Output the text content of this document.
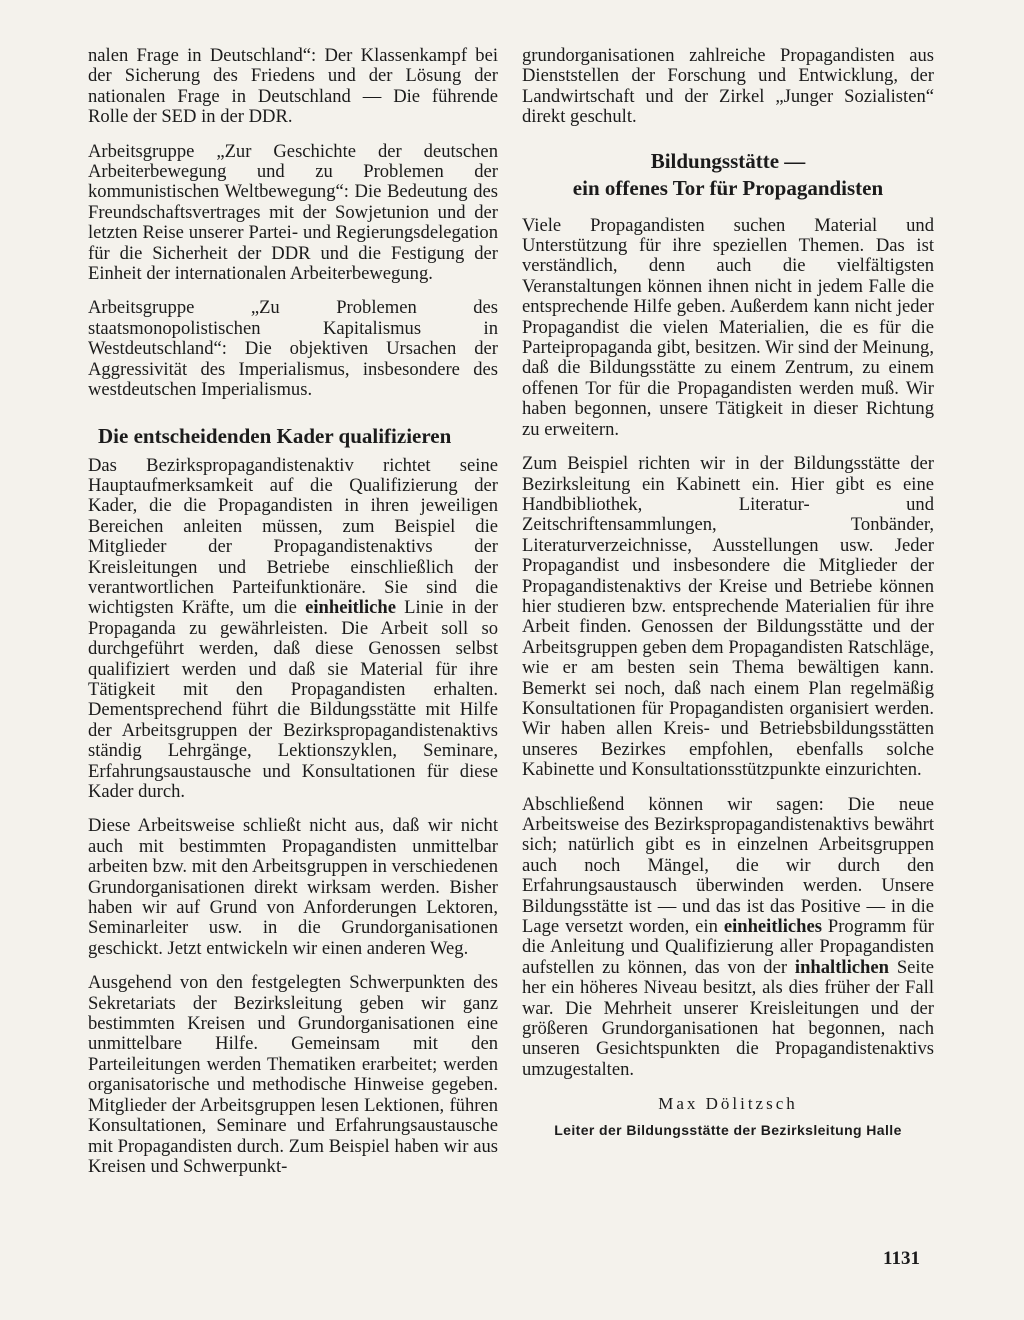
nalen Frage in Deutschland“: Der Klassenkampf bei der Sicherung des Friedens und der Lösung der nationalen Frage in Deutschland — Die führende Rolle der SED in der DDR.

Arbeitsgruppe „Zur Geschichte der deutschen Arbeiterbewegung und zu Problemen der kommunistischen Weltbewegung“: Die Bedeutung des Freundschaftsvertrages mit der Sowjetunion und der letzten Reise unserer Partei- und Regierungsdelegation für die Sicherheit der DDR und die Festigung der Einheit der internationalen Arbeiterbewegung.

Arbeitsgruppe „Zu Problemen des staatsmonopolistischen Kapitalismus in Westdeutschland“: Die objektiven Ursachen der Aggressivität des Imperialismus, insbesondere des westdeutschen Imperialismus.

Die entscheidenden Kader qualifizieren

Das Bezirkspropagandistenaktiv richtet seine Hauptaufmerksamkeit auf die Qualifizierung der Kader, die die Propagandisten in ihren jeweiligen Bereichen anleiten müssen, zum Beispiel die Mitglieder der Propagandistenaktivs der Kreisleitungen und Betriebe einschließlich der verantwortlichen Parteifunktionäre. Sie sind die wichtigsten Kräfte, um die einheitliche Linie in der Propaganda zu gewährleisten. Die Arbeit soll so durchgeführt werden, daß diese Genossen selbst qualifiziert werden und daß sie Material für ihre Tätigkeit mit den Propagandisten erhalten. Dementsprechend führt die Bildungsstätte mit Hilfe der Arbeitsgruppen der Bezirkspropagandistenaktivs ständig Lehrgänge, Lektionszyklen, Seminare, Erfahrungsaustausche und Konsultationen für diese Kader durch.

Diese Arbeitsweise schließt nicht aus, daß wir nicht auch mit bestimmten Propagandisten unmittelbar arbeiten bzw. mit den Arbeitsgruppen in verschiedenen Grundorganisationen direkt wirksam werden. Bisher haben wir auf Grund von Anforderungen Lektoren, Seminarleiter usw. in die Grundorganisationen geschickt. Jetzt entwickeln wir einen anderen Weg.

Ausgehend von den festgelegten Schwerpunkten des Sekretariats der Bezirksleitung geben wir ganz bestimmten Kreisen und Grundorganisationen eine unmittelbare Hilfe. Gemeinsam mit den Parteileitungen werden Thematiken erarbeitet; werden organisatorische und methodische Hinweise gegeben. Mitglieder der Arbeitsgruppen lesen Lektionen, führen Konsultationen, Seminare und Erfahrungsaustausche mit Propagandisten durch. Zum Beispiel haben wir aus Kreisen und Schwerpunkt-

grundorganisationen zahlreiche Propagandisten aus Dienststellen der Forschung und Entwicklung, der Landwirtschaft und der Zirkel „Junger Sozialisten“ direkt geschult.

Bildungsstätte —
ein offenes Tor für Propagandisten

Viele Propagandisten suchen Material und Unterstützung für ihre speziellen Themen. Das ist verständlich, denn auch die vielfältigsten Veranstaltungen können ihnen nicht in jedem Falle die entsprechende Hilfe geben. Außerdem kann nicht jeder Propagandist die vielen Materialien, die es für die Parteipropaganda gibt, besitzen. Wir sind der Meinung, daß die Bildungsstätte zu einem Zentrum, zu einem offenen Tor für die Propagandisten werden muß. Wir haben begonnen, unsere Tätigkeit in dieser Richtung zu erweitern.

Zum Beispiel richten wir in der Bildungsstätte der Bezirksleitung ein Kabinett ein. Hier gibt es eine Handbibliothek, Literatur- und Zeitschriftensammlungen, Tonbänder, Literaturverzeichnisse, Ausstellungen usw. Jeder Propagandist und insbesondere die Mitglieder der Propagandistenaktivs der Kreise und Betriebe können hier studieren bzw. entsprechende Materialien für ihre Arbeit finden. Genossen der Bildungsstätte und der Arbeitsgruppen geben dem Propagandisten Ratschläge, wie er am besten sein Thema bewältigen kann. Bemerkt sei noch, daß nach einem Plan regelmäßig Konsultationen für Propagandisten organisiert werden. Wir haben allen Kreis- und Betriebsbildungsstätten unseres Bezirkes empfohlen, ebenfalls solche Kabinette und Konsultationsstützpunkte einzurichten.

Abschließend können wir sagen: Die neue Arbeitsweise des Bezirkspropagandistenaktivs bewährt sich; natürlich gibt es in einzelnen Arbeitsgruppen auch noch Mängel, die wir durch den Erfahrungsaustausch überwinden werden. Unsere Bildungsstätte ist — und das ist das Positive — in die Lage versetzt worden, ein einheitliches Programm für die Anleitung und Qualifizierung aller Propagandisten aufstellen zu können, das von der inhaltlichen Seite her ein höheres Niveau besitzt, als dies früher der Fall war. Die Mehrheit unserer Kreisleitungen und der größeren Grundorganisationen hat begonnen, nach unseren Gesichtspunkten die Propagandistenaktivs umzugestalten.

Max Dölitzsch
Leiter der Bildungsstätte der Bezirksleitung Halle
1131
